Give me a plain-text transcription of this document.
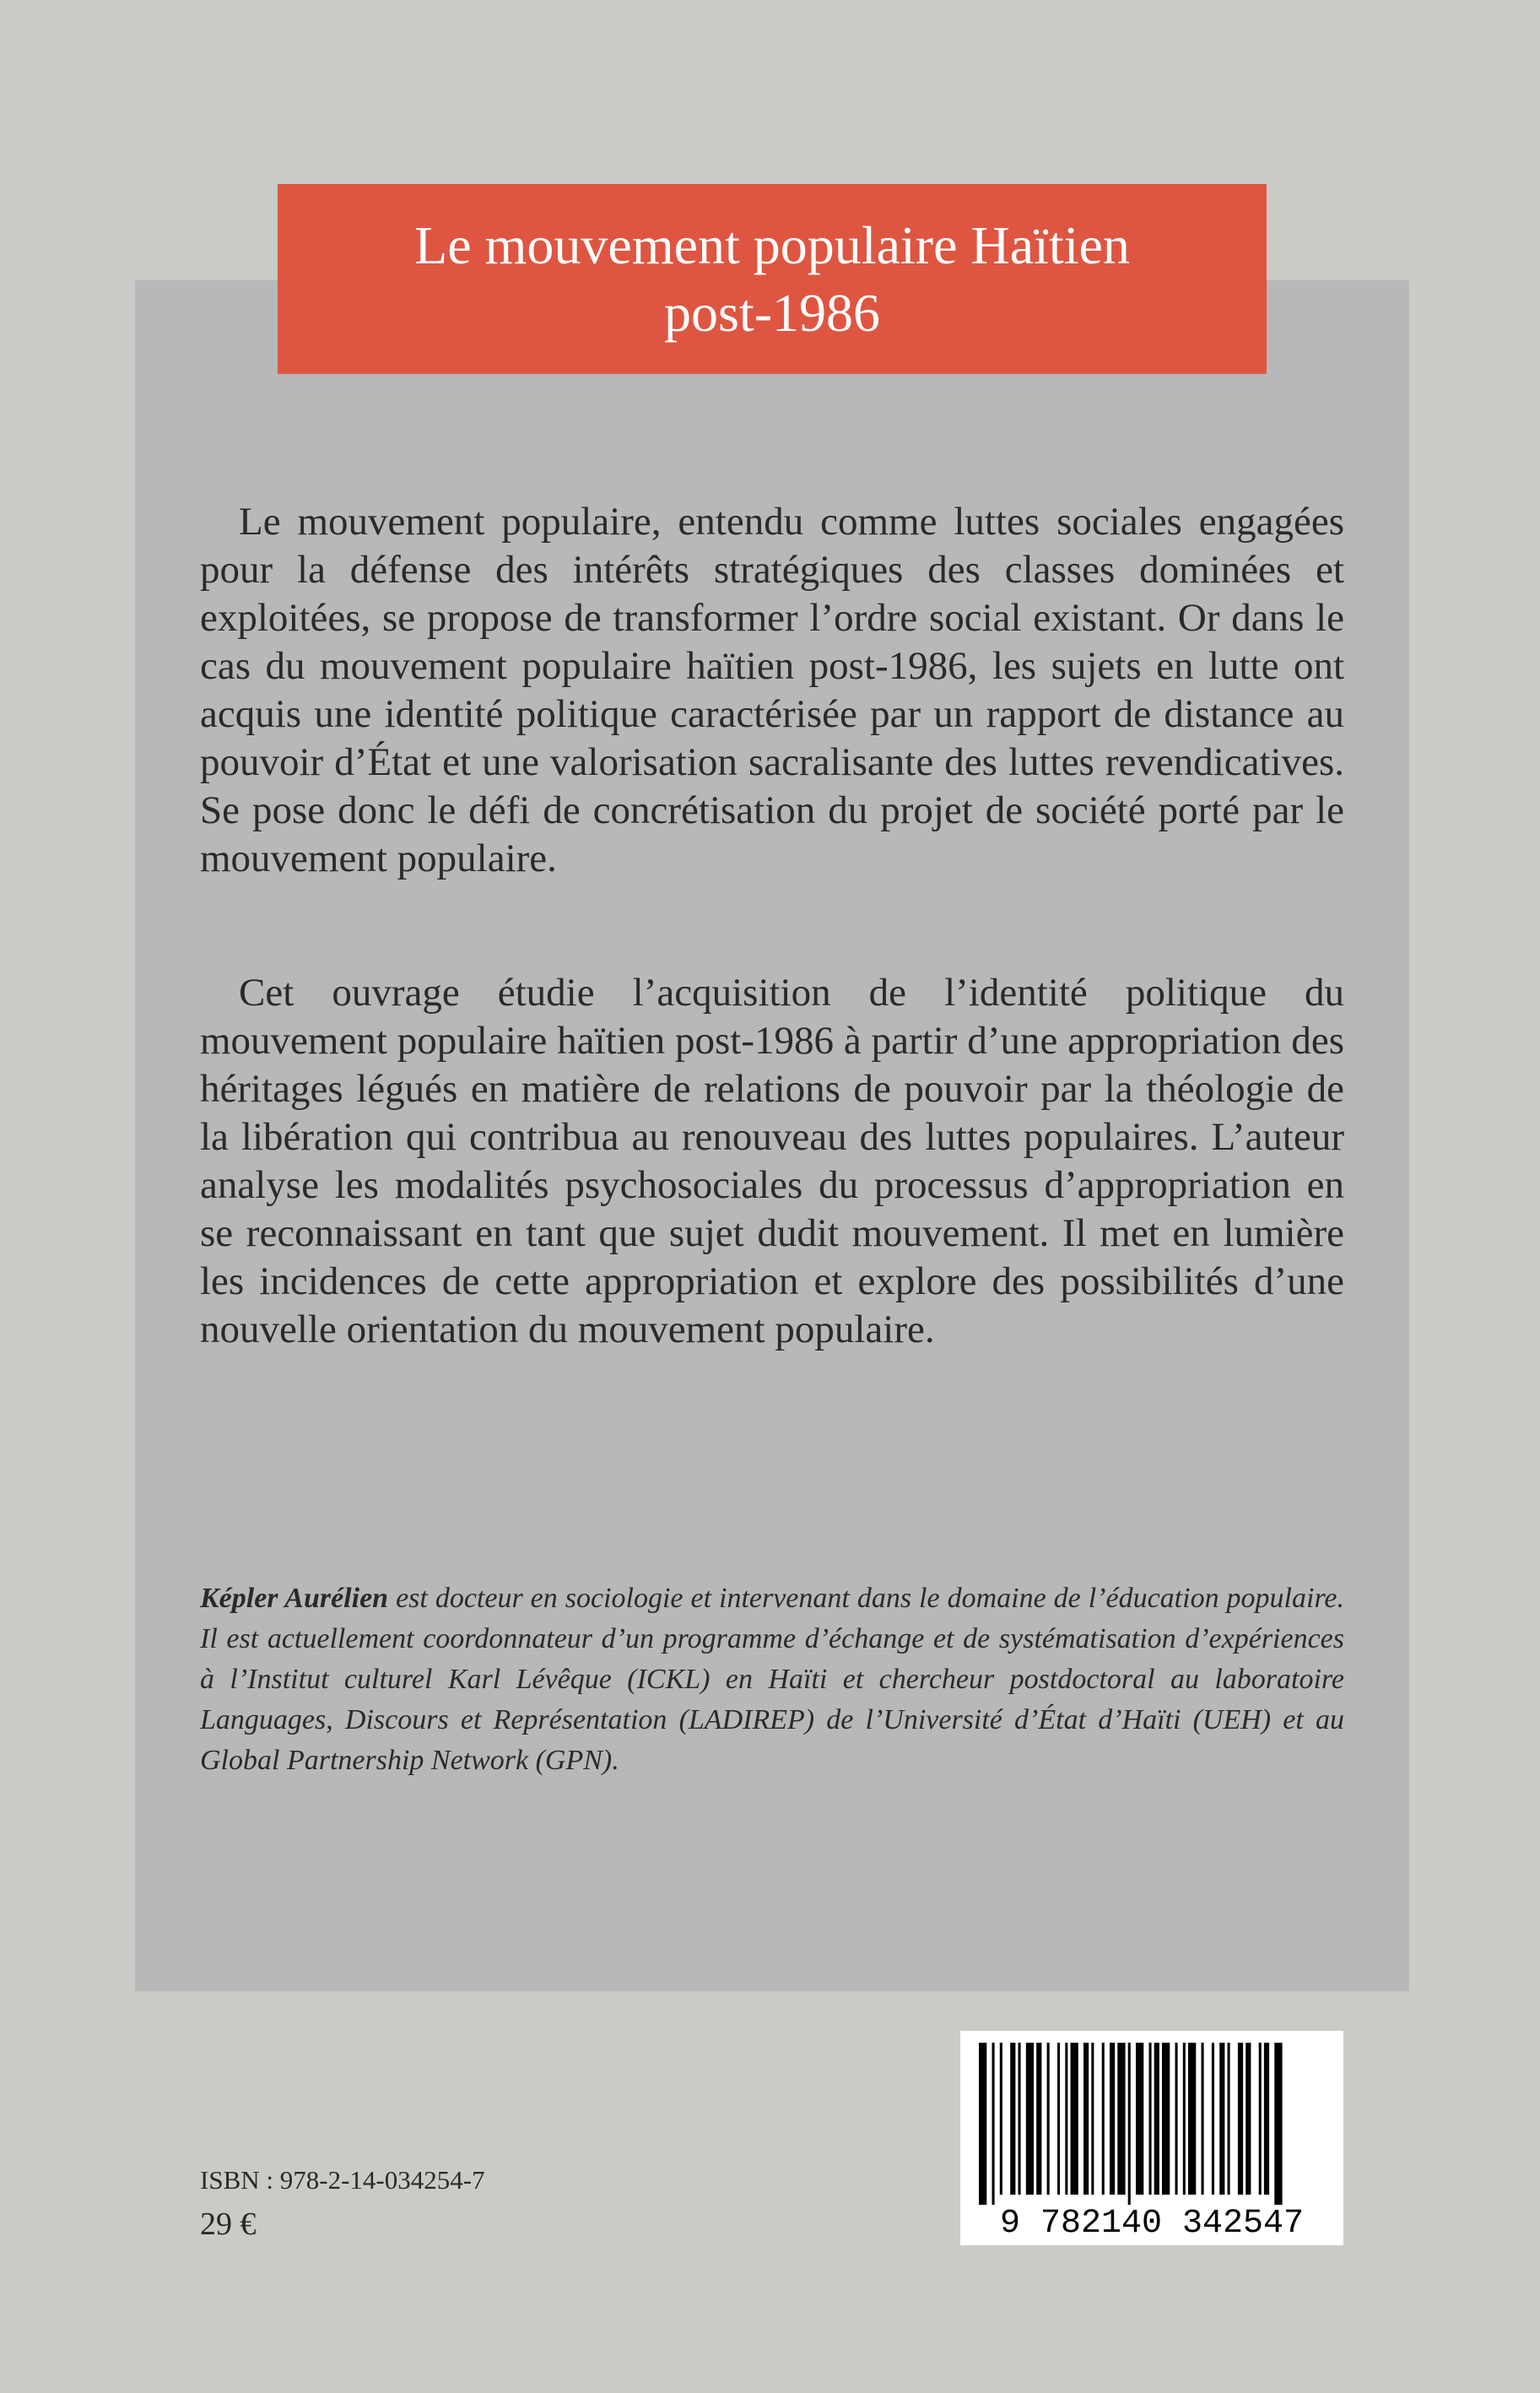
Le mouvement populaire Haïtien
post-1986

Le mouvement populaire, entendu comme luttes sociales engagées pour la défense des intérêts stratégiques des classes dominées et exploitées, se propose de transformer l’ordre social existant. Or dans le cas du mouvement populaire haïtien post-1986, les sujets en lutte ont acquis une identité politique caractérisée par un rapport de distance au pouvoir d’État et une valorisation sacralisante des luttes revendicatives. Se pose donc le défi de concrétisation du projet de société porté par le mouvement populaire.

Cet ouvrage étudie l’acquisition de l’identité politique du mouvement populaire haïtien post-1986 à partir d’une appropriation des héritages légués en matière de relations de pouvoir par la théologie de la libération qui contribua au renouveau des luttes populaires. L’auteur analyse les modalités psychosociales du processus d’appropriation en se reconnaissant en tant que sujet dudit mouvement. Il met en lumière les incidences de cette appropriation et explore des possibilités d’une nouvelle orientation du mouvement populaire.

Képler Aurélien est docteur en sociologie et intervenant dans le domaine de l’éducation populaire. Il est actuellement coordonnateur d’un programme d’échange et de systématisation d’expériences à l’Institut culturel Karl Lévêque (ICKL) en Haïti et chercheur postdoctoral au laboratoire Languages, Discours et Représentation (LADIREP) de l’Université d’État d’Haïti (UEH) et au Global Partnership Network (GPN).

ISBN : 978-2-14-034254-7
29 €	9 782140 342547
